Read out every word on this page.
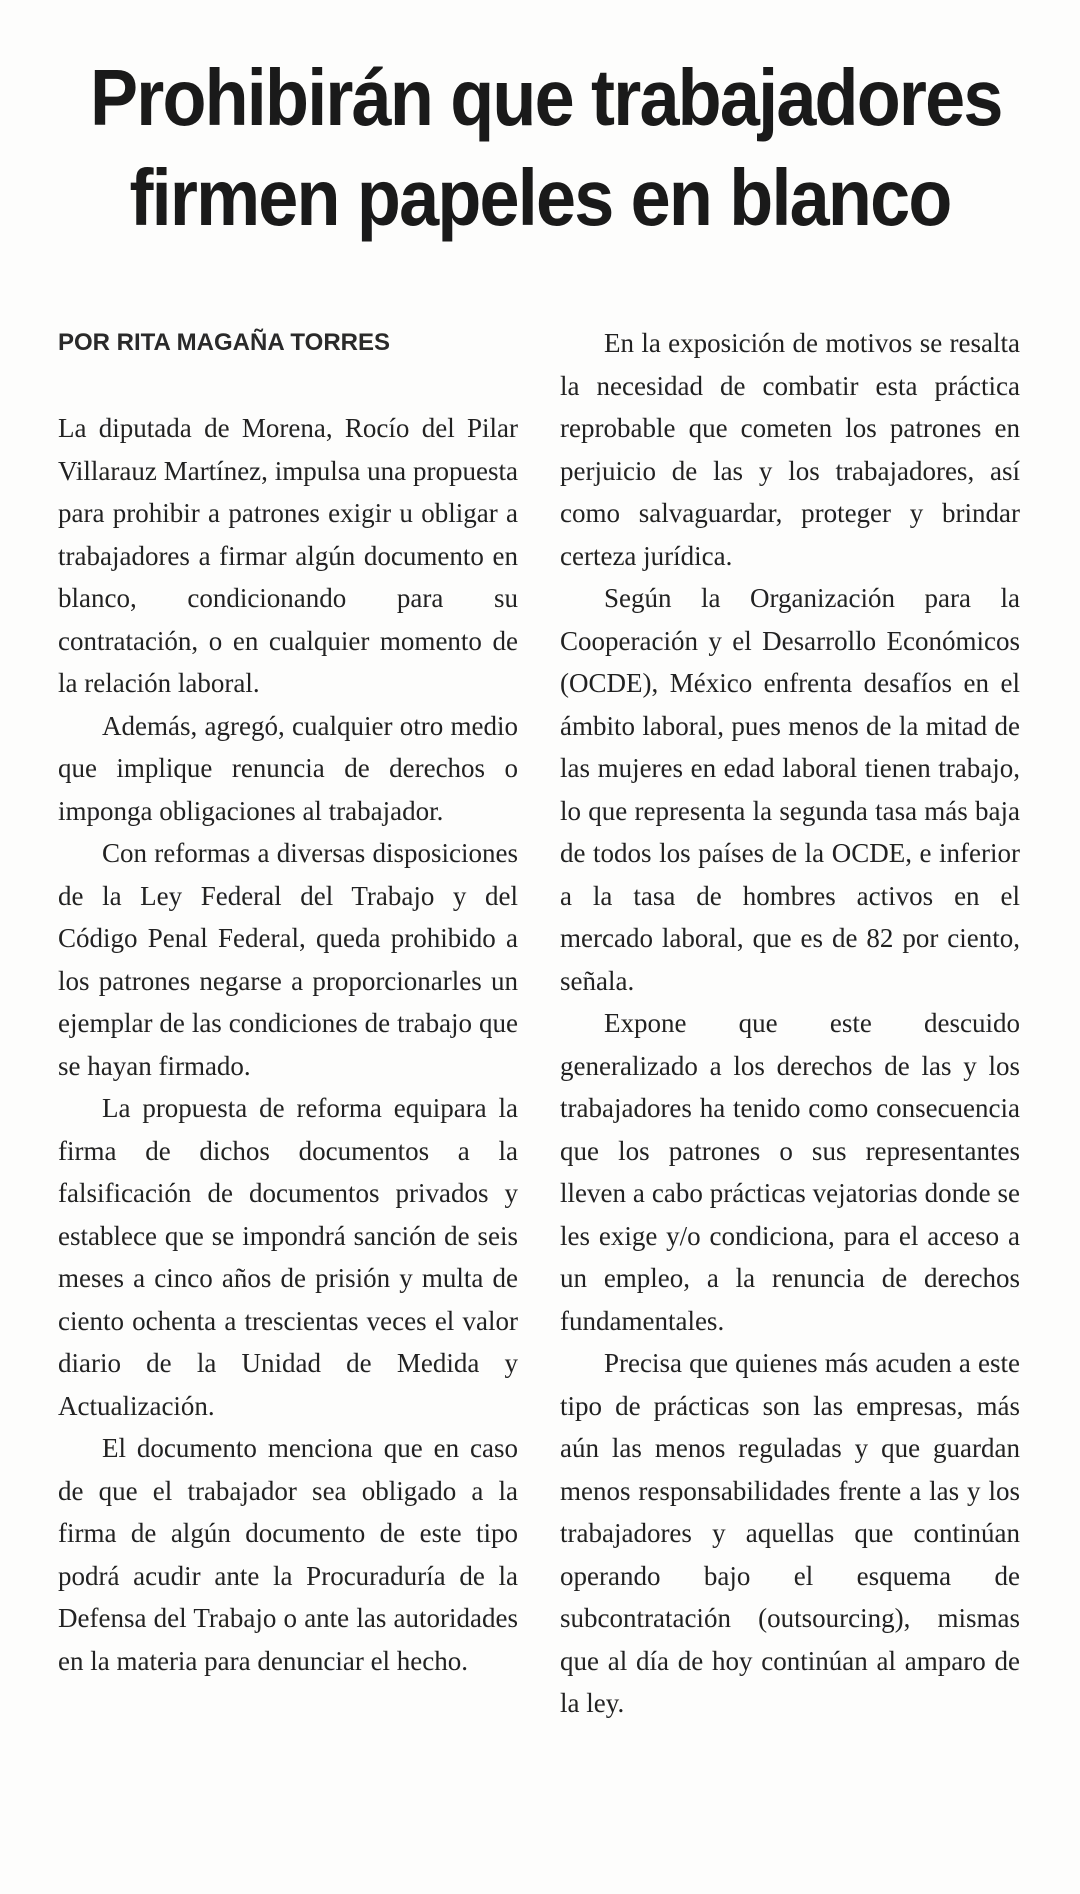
Prohibirán que trabajadores
firmen papeles en blanco
POR RITA MAGAÑA TORRES

La diputada de Morena, Rocío del Pilar Villarauz Martínez, impulsa una propuesta para prohibir a patrones exigir u obligar a trabajadores a firmar algún documento en blanco, condicionando para su contratación, o en cualquier momento de la relación laboral.

Además, agregó, cualquier otro medio que implique renuncia de derechos o imponga obligaciones al trabajador.

Con reformas a diversas disposiciones de la Ley Federal del Trabajo y del Código Penal Federal, queda prohibido a los patrones negarse a proporcionarles un ejemplar de las condiciones de trabajo que se hayan firmado.

La propuesta de reforma equipara la firma de dichos documentos a la falsificación de documentos privados y establece que se impondrá sanción de seis meses a cinco años de prisión y multa de ciento ochenta a trescientas veces el valor diario de la Unidad de Medida y Actualización.

El documento menciona que en caso de que el trabajador sea obligado a la firma de algún documento de este tipo podrá acudir ante la Procuraduría de la Defensa del Trabajo o ante las autoridades en la materia para denunciar el hecho.

En la exposición de motivos se resalta la necesidad de combatir esta práctica reprobable que cometen los patrones en perjuicio de las y los trabajadores, así como salvaguardar, proteger y brindar certeza jurídica.

Según la Organización para la Cooperación y el Desarrollo Económicos (OCDE), México enfrenta desafíos en el ámbito laboral, pues menos de la mitad de las mujeres en edad laboral tienen trabajo, lo que representa la segunda tasa más baja de todos los países de la OCDE, e inferior a la tasa de hombres activos en el mercado laboral, que es de 82 por ciento, señala.

Expone que este descuido generalizado a los derechos de las y los trabajadores ha tenido como consecuencia que los patrones o sus representantes lleven a cabo prácticas vejatorias donde se les exige y/o condiciona, para el acceso a un empleo, a la renuncia de derechos fundamentales.

Precisa que quienes más acuden a este tipo de prácticas son las empresas, más aún las menos reguladas y que guardan menos responsabilidades frente a las y los trabajadores y aquellas que continúan operando bajo el esquema de subcontratación (outsourcing), mismas que al día de hoy continúan al amparo de la ley.
